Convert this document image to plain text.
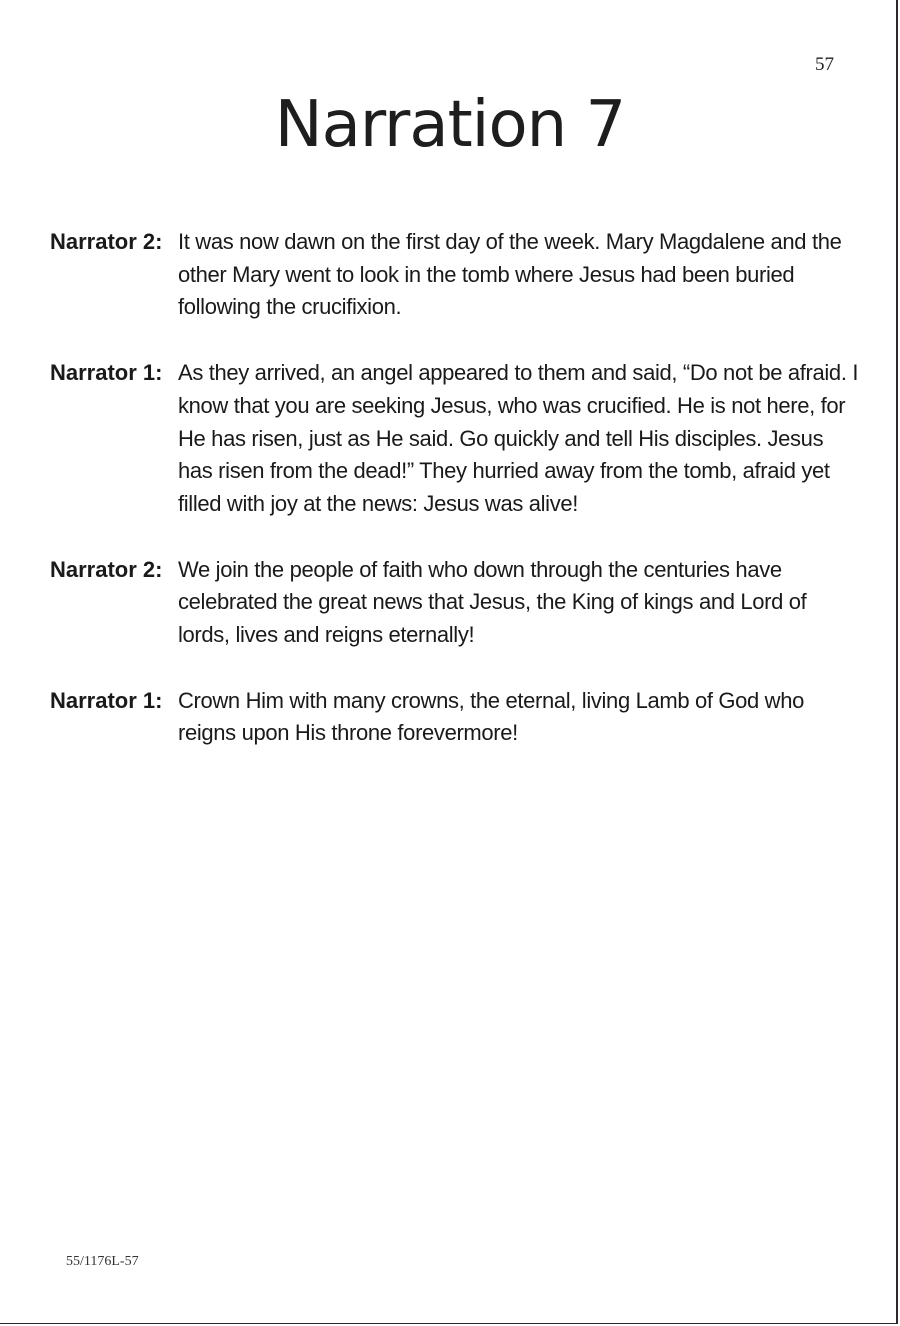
57
Narration 7
Narrator 2: It was now dawn on the first day of the week. Mary Magdalene and the other Mary went to look in the tomb where Jesus had been buried following the crucifixion.
Narrator 1: As they arrived, an angel appeared to them and said, “Do not be afraid. I know that you are seeking Jesus, who was crucified. He is not here, for He has risen, just as He said. Go quickly and tell His disciples. Jesus has risen from the dead!” They hurried away from the tomb, afraid yet filled with joy at the news: Jesus was alive!
Narrator 2: We join the people of faith who down through the centuries have celebrated the great news that Jesus, the King of kings and Lord of lords, lives and reigns eternally!
Narrator 1: Crown Him with many crowns, the eternal, living Lamb of God who reigns upon His throne forevermore!
55/1176L-57
